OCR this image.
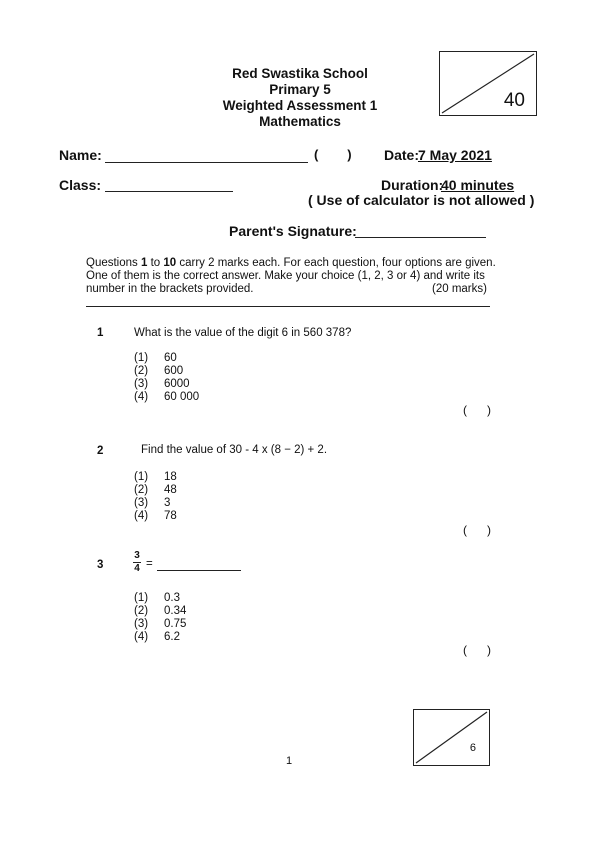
Red Swastika School
Primary 5
Weighted Assessment 1
Mathematics
40
Name:	(        ) Date:
7 May 2021
Class:	Duration:
40 minutes
( Use of calculator is not allowed )
Parent's Signature:
Questions 1 to 10 carry 2 marks each. For each question, four options are given.
One of them is the correct answer. Make your choice (1, 2, 3 or 4) and write its
number in the brackets provided.	(20 marks)
1	What is the value of the digit 6 in 560 378?
(1) 60
(2) 600
(3) 6000
(4) 60 000
(      )
2	Find the value of 30 - 4 x (8 − 2) + 2.
(1) 18
(2) 48
(3) 3
(4) 78
(      )
3
3
4 =
(1) 0.3
(2) 0.34
(3) 0.75
(4) 6.2
(      )
6
1
